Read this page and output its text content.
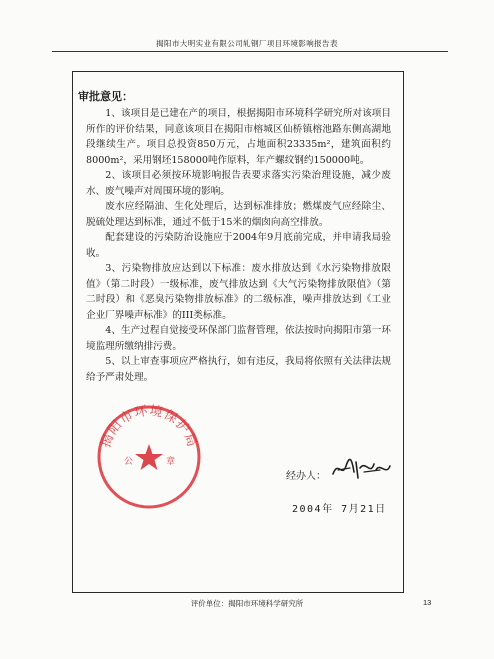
揭阳市大明实业有限公司轧钢厂项目环境影响报告表
审批意见：

1、该项目是已建在产的项目，根据揭阳市环境科学研究所对该项目所作的评价结果，同意该项目在揭阳市榕城区仙桥镇榕池路东侧高湖地段继续生产。项目总投资850万元，占地面积23335m²，建筑面积约8000m²，采用钢坯158000吨作原料，年产螺纹钢约150000吨。

2、该项目必须按环境影响报告表要求落实污染治理设施，减少废水、废气噪声对周围环境的影响。

废水应经隔油、生化处理后，达到标准排放；燃煤废气应经除尘、脱硫处理达到标准，通过不低于15米的烟囱向高空排放。

配套建设的污染防治设施应于2004年9月底前完成，并申请我局验收。

3、污染物排放应达到以下标准：废水排放达到《水污染物排放限值》（第二时段）一级标准，废气排放达到《大气污染物排放限值》（第二时段）和《恶臭污染物排放标准》的二级标准，噪声排放达到《工业企业厂界噪声标准》的III类标准。

4、生产过程自觉接受环保部门监督管理，依法按时向揭阳市第一环境监理所缴纳排污费。

5、以上审查事项应严格执行，如有违反，我局将依照有关法律法规给予严肃处理。

揭阳市环境保护局
公	章
经办人：
2004年 7月21日
评价单位：揭阳市环境科学研究所	13
